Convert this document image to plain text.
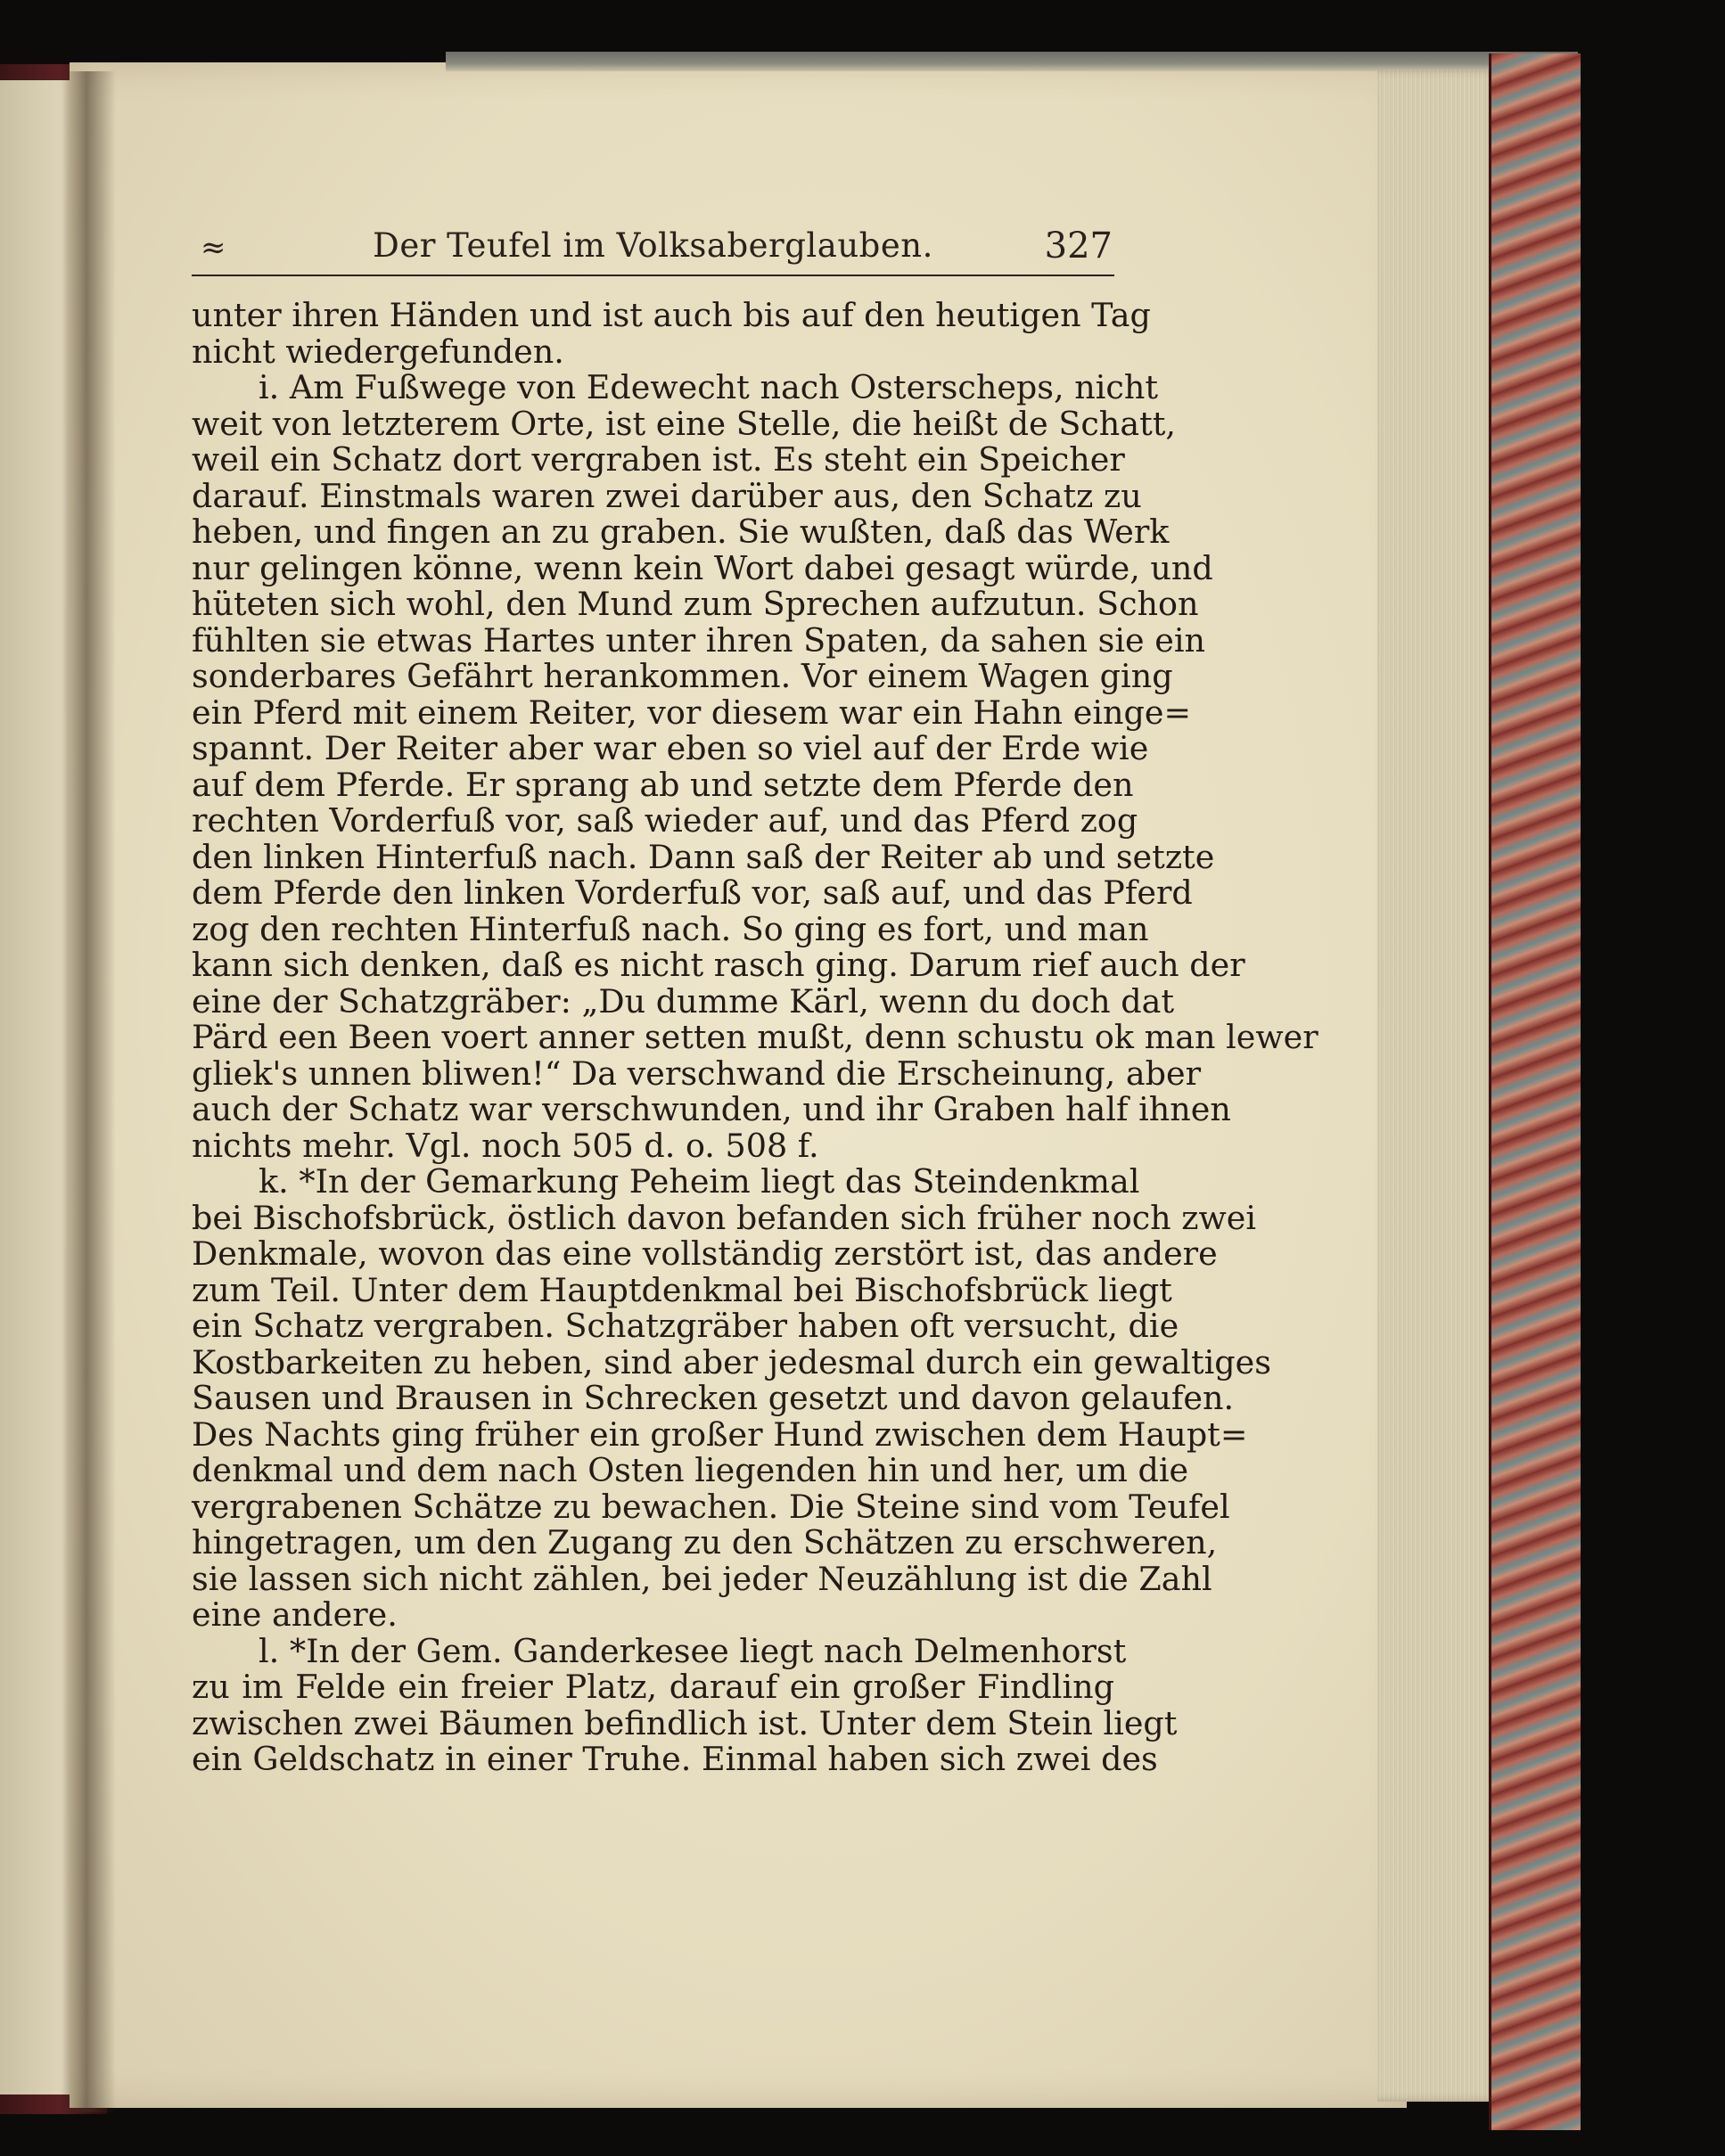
≈	Der Teufel im Volksaberglauben.	327
unter ihren Händen und ist auch bis auf den heutigen Tag
nicht wiedergefunden.
i. Am Fußwege von Edewecht nach Osterscheps, nicht
weit von letzterem Orte, ist eine Stelle, die heißt de Schatt,
weil ein Schatz dort vergraben ist. Es steht ein Speicher
darauf. Einstmals waren zwei darüber aus, den Schatz zu
heben, und fingen an zu graben. Sie wußten, daß das Werk
nur gelingen könne, wenn kein Wort dabei gesagt würde, und
hüteten sich wohl, den Mund zum Sprechen aufzutun. Schon
fühlten sie etwas Hartes unter ihren Spaten, da sahen sie ein
sonderbares Gefährt herankommen. Vor einem Wagen ging
ein Pferd mit einem Reiter, vor diesem war ein Hahn einge=
spannt. Der Reiter aber war eben so viel auf der Erde wie
auf dem Pferde. Er sprang ab und setzte dem Pferde den
rechten Vorderfuß vor, saß wieder auf, und das Pferd zog
den linken Hinterfuß nach. Dann saß der Reiter ab und setzte
dem Pferde den linken Vorderfuß vor, saß auf, und das Pferd
zog den rechten Hinterfuß nach. So ging es fort, und man
kann sich denken, daß es nicht rasch ging. Darum rief auch der
eine der Schatzgräber: „Du dumme Kärl, wenn du doch dat
Pärd een Been voert anner setten mußt, denn schustu ok man lewer
gliek's unnen bliwen!“ Da verschwand die Erscheinung, aber
auch der Schatz war verschwunden, und ihr Graben half ihnen
nichts mehr. Vgl. noch 505 d. o. 508 f.
k. *In der Gemarkung Peheim liegt das Steindenkmal
bei Bischofsbrück, östlich davon befanden sich früher noch zwei
Denkmale, wovon das eine vollständig zerstört ist, das andere
zum Teil. Unter dem Hauptdenkmal bei Bischofsbrück liegt
ein Schatz vergraben. Schatzgräber haben oft versucht, die
Kostbarkeiten zu heben, sind aber jedesmal durch ein gewaltiges
Sausen und Brausen in Schrecken gesetzt und davon gelaufen.
Des Nachts ging früher ein großer Hund zwischen dem Haupt=
denkmal und dem nach Osten liegenden hin und her, um die
vergrabenen Schätze zu bewachen. Die Steine sind vom Teufel
hingetragen, um den Zugang zu den Schätzen zu erschweren,
sie lassen sich nicht zählen, bei jeder Neuzählung ist die Zahl
eine andere.
l. *In der Gem. Ganderkesee liegt nach Delmenhorst
zu im Felde ein freier Platz, darauf ein großer Findling
zwischen zwei Bäumen befindlich ist. Unter dem Stein liegt
ein Geldschatz in einer Truhe. Einmal haben sich zwei des
